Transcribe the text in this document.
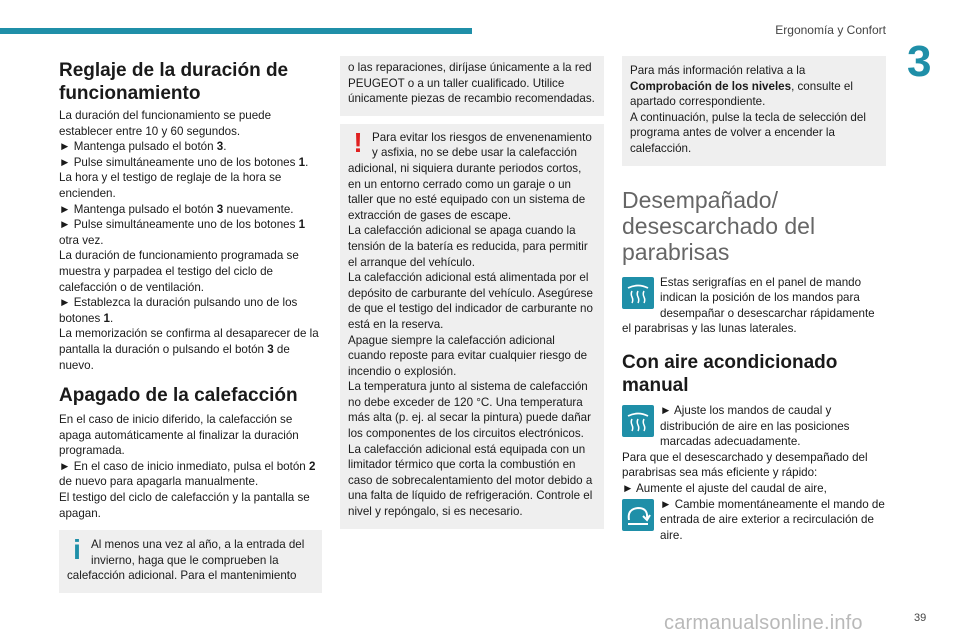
Ergonomía y Confort
3
Reglaje de la duración de funcionamiento

La duración del funcionamiento se puede establecer entre 10 y 60 segundos.

► Mantenga pulsado el botón 3.

► Pulse simultáneamente uno de los botones 1.

La hora y el testigo de reglaje de la hora se encienden.

► Mantenga pulsado el botón 3 nuevamente.

► Pulse simultáneamente uno de los botones 1 otra vez.

La duración de funcionamiento programada se muestra y parpadea el testigo del ciclo de calefacción o de ventilación.

► Establezca la duración pulsando uno de los botones 1.

La memorización se confirma al desaparecer de la pantalla la duración o pulsando el botón 3 de nuevo.

Apagado de la calefacción

En el caso de inicio diferido, la calefacción se apaga automáticamente al finalizar la duración programada.

► En el caso de inicio inmediato, pulsa el botón 2 de nuevo para apagarla manualmente.

El testigo del ciclo de calefacción y la pantalla se apagan.

i Al menos una vez al año, a la entrada del invierno, haga que le comprueben la calefacción adicional. Para el mantenimiento

o las reparaciones, diríjase únicamente a la red PEUGEOT o a un taller cualificado. Utilice únicamente piezas de recambio recomendadas.

! Para evitar los riesgos de envenenamiento y asfixia, no se debe usar la calefacción adicional, ni siquiera durante periodos cortos, en un entorno cerrado como un garaje o un taller que no esté equipado con un sistema de extracción de gases de escape.

La calefacción adicional se apaga cuando la tensión de la batería es reducida, para permitir el arranque del vehículo.

La calefacción adicional está alimentada por el depósito de carburante del vehículo. Asegúrese de que el testigo del indicador de carburante no está en la reserva.

Apague siempre la calefacción adicional cuando reposte para evitar cualquier riesgo de incendio o explosión.

La temperatura junto al sistema de calefacción no debe exceder de 120 °C. Una temperatura más alta (p. ej. al secar la pintura) puede dañar los componentes de los circuitos electrónicos.

La calefacción adicional está equipada con un limitador térmico que corta la combustión en caso de sobrecalentamiento del motor debido a una falta de líquido de refrigeración. Controle el nivel y repóngalo, si es necesario.

Para más información relativa a la Comprobación de los niveles, consulte el apartado correspondiente.

A continuación, pulse la tecla de selección del programa antes de volver a encender la calefacción.

Desempañado/ desescarchado del parabrisas

Estas serigrafías en el panel de mando indican la posición de los mandos para desempañar o desescarchar rápidamente el parabrisas y las lunas laterales.

Con aire acondicionado manual

► Ajuste los mandos de caudal y distribución de aire en las posiciones marcadas adecuadamente.

Para que el desescarchado y desempañado del parabrisas sea más eficiente y rápido:

► Aumente el ajuste del caudal de aire,

► Cambie momentáneamente el mando de entrada de aire exterior a recirculación de aire.

carmanualsonline.info	39
